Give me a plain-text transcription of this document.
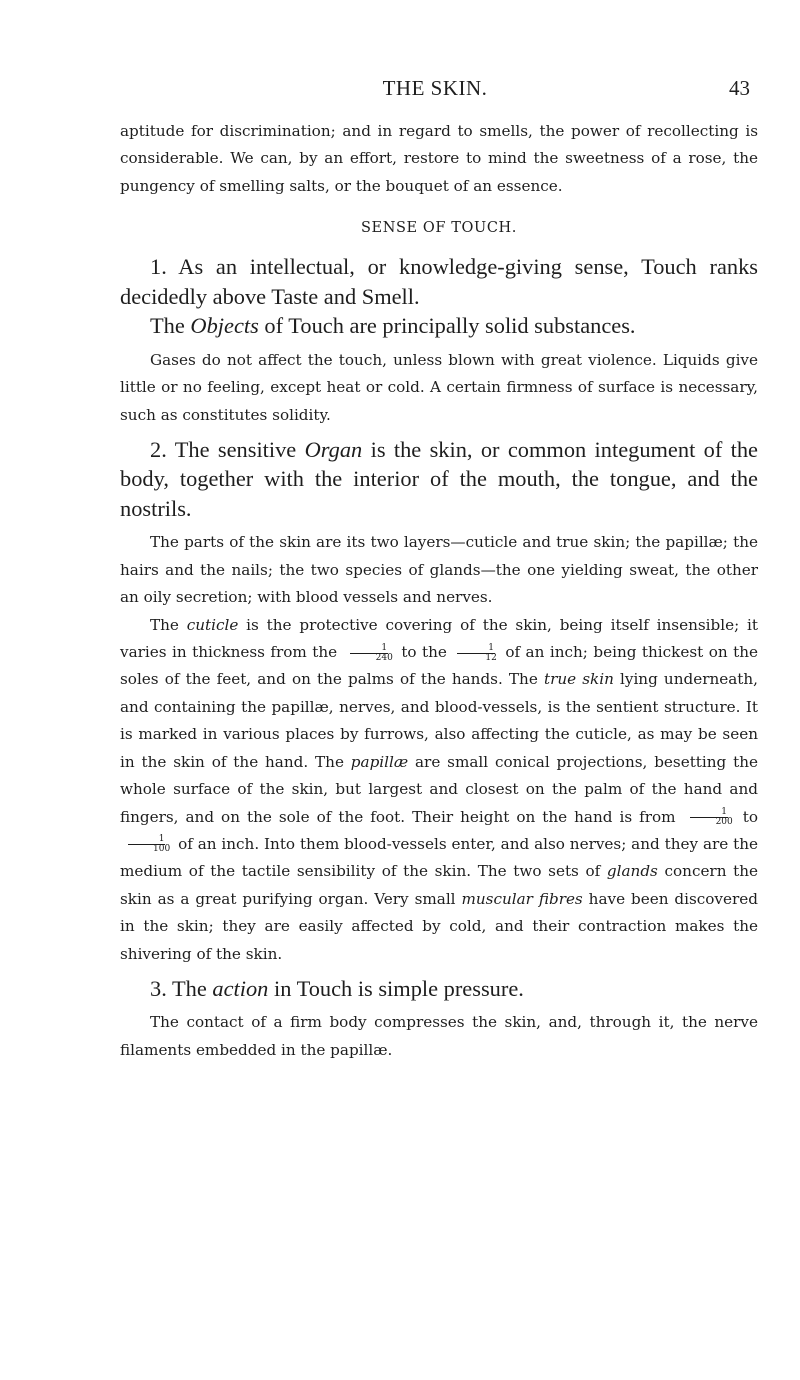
THE SKIN.	43

aptitude for discrimination; and in regard to smells, the power of recollecting is considerable. We can, by an effort, restore to mind the sweetness of a rose, the pungency of smelling salts, or the bouquet of an essence.

SENSE OF TOUCH.

1. As an intellectual, or knowledge-giving sense, Touch ranks decidedly above Taste and Smell.

The Objects of Touch are principally solid substances.

Gases do not affect the touch, unless blown with great violence. Liquids give little or no feeling, except heat or cold. A certain firmness of surface is necessary, such as constitutes solidity.

2. The sensitive Organ is the skin, or common integument of the body, together with the interior of the mouth, the tongue, and the nostrils.

The parts of the skin are its two layers—cuticle and true skin; the papillæ; the hairs and the nails; the two species of glands—the one yielding sweat, the other an oily secretion; with blood vessels and nerves.

The cuticle is the protective covering of the skin, being itself insensible; it varies in thickness from the $\frac{1}{240}$ to the $\frac{1}{12}$ of an inch; being thickest on the soles of the feet, and on the palms of the hands. The true skin lying underneath, and containing the papillæ, nerves, and blood-vessels, is the sentient structure. It is marked in various places by furrows, also affecting the cuticle, as may be seen in the skin of the hand. The papillæ are small conical projections, besetting the whole surface of the skin, but largest and closest on the palm of the hand and fingers, and on the sole of the foot. Their height on the hand is from $\frac{1}{200}$ to
$\frac{1}{100}$ of an inch. Into them blood-vessels enter, and also nerves; and they are the medium of the tactile sensibility of the skin. The two sets of glands concern the skin as a great purifying organ. Very small muscular fibres have been discovered in the skin; they are easily affected by cold, and their contraction makes the shivering of the skin.

3. The action in Touch is simple pressure.

The contact of a firm body compresses the skin, and, through it, the nerve filaments embedded in the papillæ.
